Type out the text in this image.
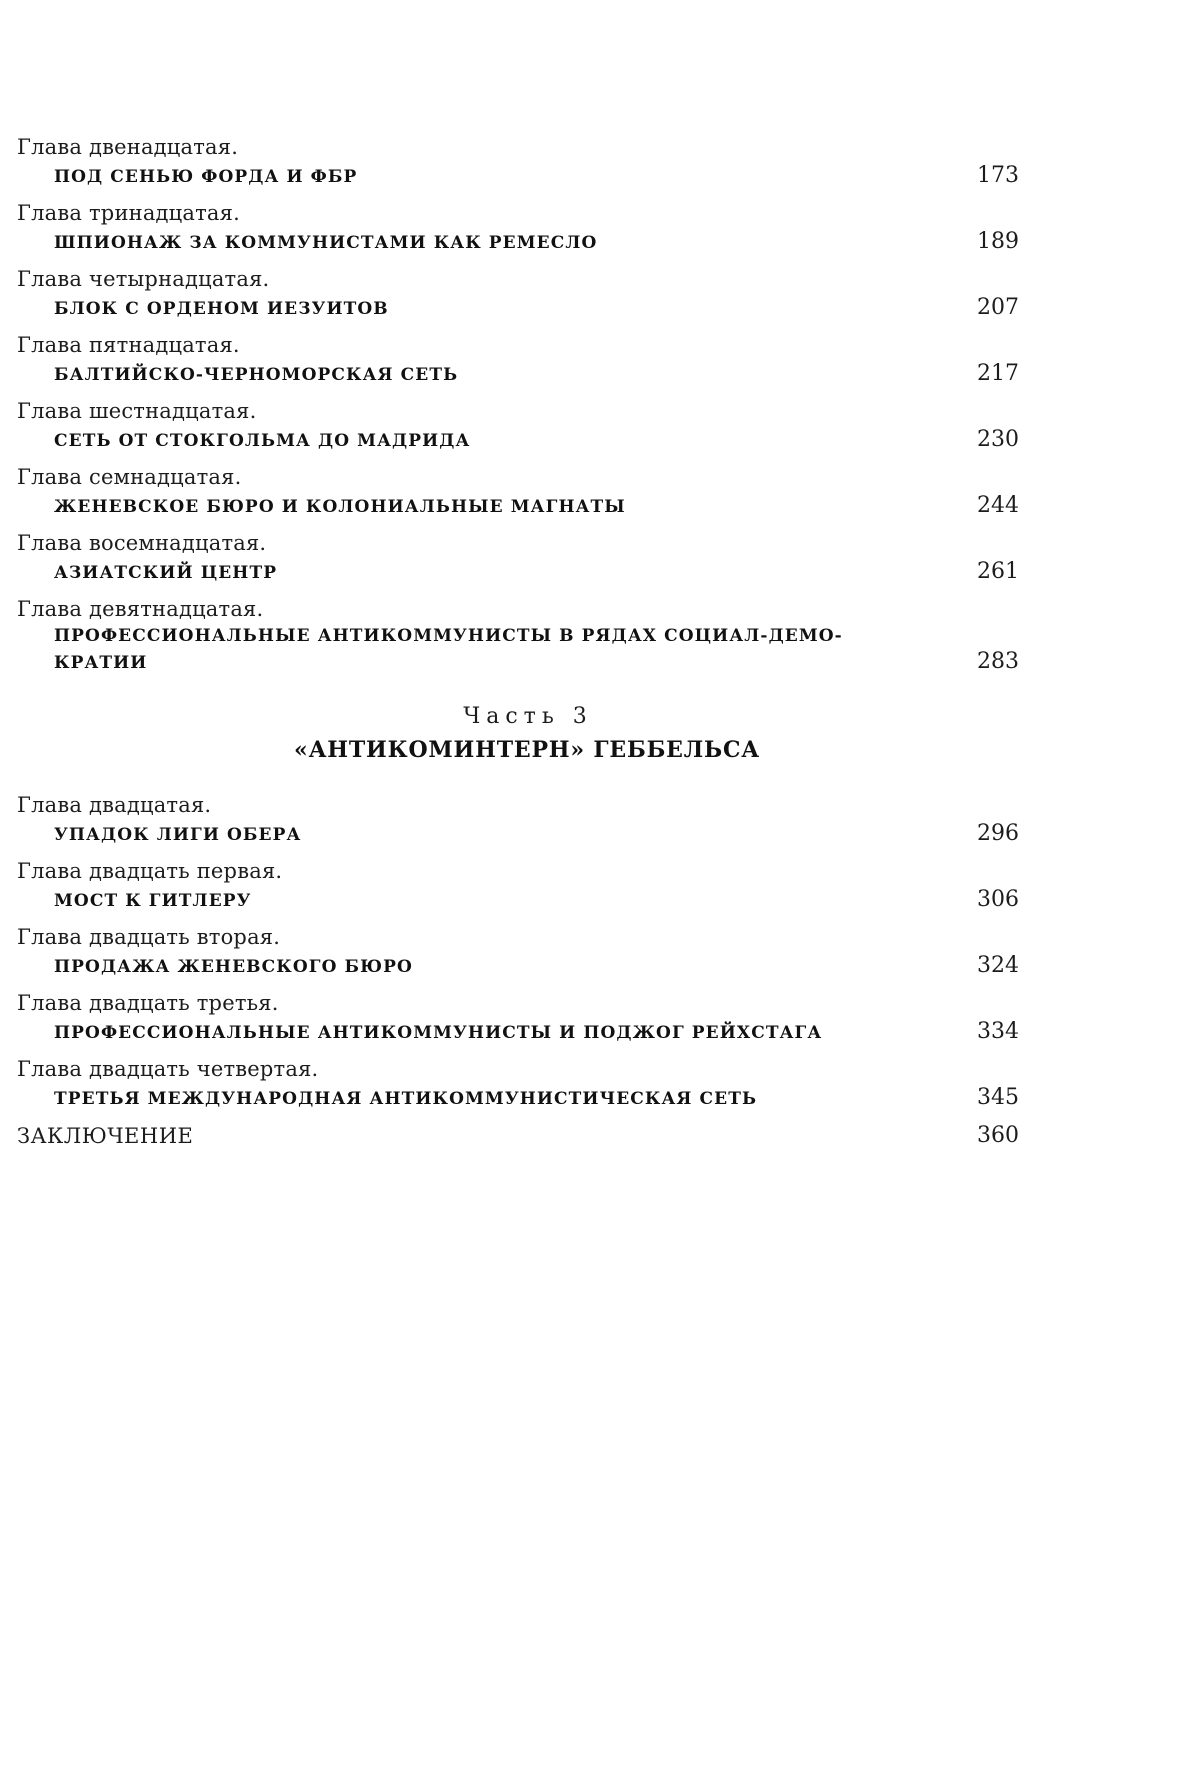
Глава двенадцатая.
ПОД СЕНЬЮ ФОРДА И ФБР	173
Глава тринадцатая.
ШПИОНАЖ ЗА КОММУНИСТАМИ КАК РЕМЕСЛО	189
Глава четырнадцатая.
БЛОК С ОРДЕНОМ ИЕЗУИТОВ	207
Глава пятнадцатая.
БАЛТИЙСКО-ЧЕРНОМОРСКАЯ СЕТЬ	217
Глава шестнадцатая.
СЕТЬ ОТ СТОКГОЛЬМА ДО МАДРИДА	230
Глава семнадцатая.
ЖЕНЕВСКОЕ БЮРО И КОЛОНИАЛЬНЫЕ МАГНАТЫ	244
Глава восемнадцатая.
АЗИАТСКИЙ ЦЕНТР	261
Глава девятнадцатая.
ПРОФЕССИОНАЛЬНЫЕ АНТИКОММУНИСТЫ В РЯДАХ СОЦИАЛ-ДЕМО-КРАТИИ	283
Часть 3
«АНТИКОМИНТЕРН» ГЕББЕЛЬСА
Глава двадцатая.
УПАДОК ЛИГИ ОБЕРА	296
Глава двадцать первая.
МОСТ К ГИТЛЕРУ	306
Глава двадцать вторая.
ПРОДАЖА ЖЕНЕВСКОГО БЮРО	324
Глава двадцать третья.
ПРОФЕССИОНАЛЬНЫЕ АНТИКОММУНИСТЫ И ПОДЖОГ РЕЙХСТАГА	334
Глава двадцать четвертая.
ТРЕТЬЯ МЕЖДУНАРОДНАЯ АНТИКОММУНИСТИЧЕСКАЯ СЕТЬ	345
ЗАКЛЮЧЕНИЕ	360
